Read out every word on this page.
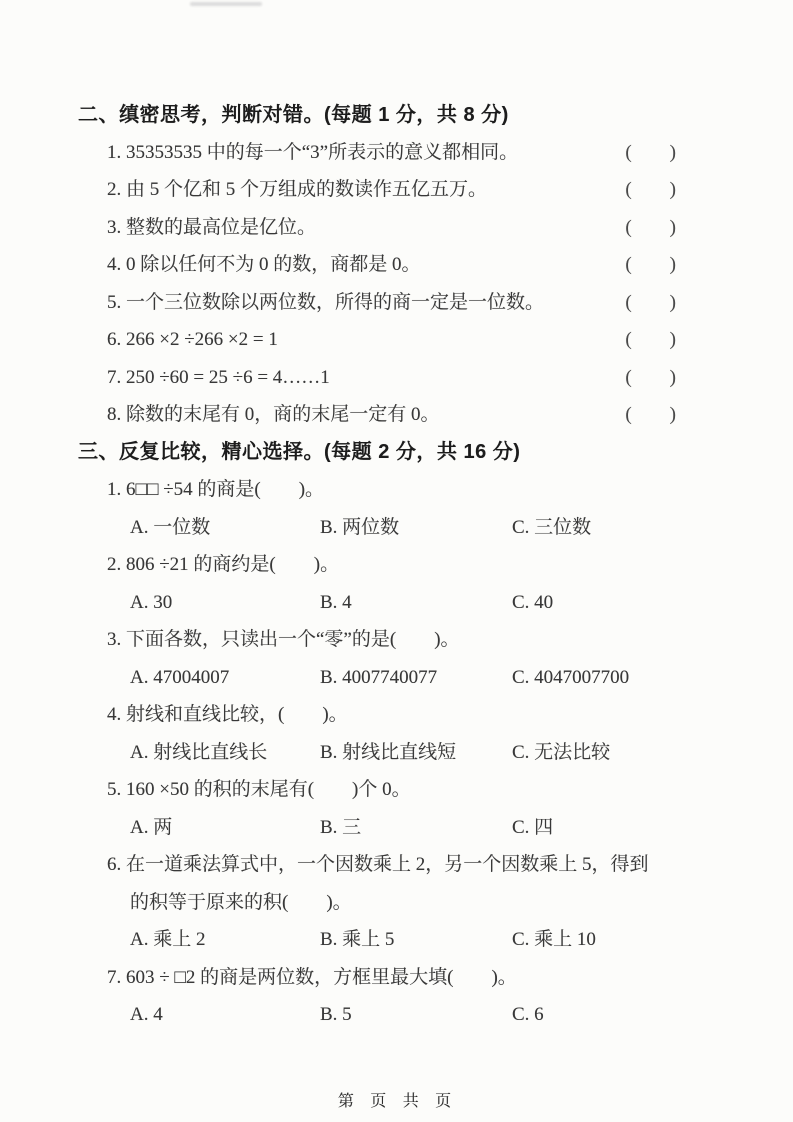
二、缜密思考，判断对错。(每题 1 分，共 8 分)
1. 35353535 中的每一个“3”所表示的意义都相同。	(　　)
2. 由 5 个亿和 5 个万组成的数读作五亿五万。	(　　)
3. 整数的最高位是亿位。	(　　)
4. 0 除以任何不为 0 的数，商都是 0。	(　　)
5. 一个三位数除以两位数，所得的商一定是一位数。	(　　)
6. 266 ×2 ÷266 ×2 = 1	(　　)
7. 250 ÷60 = 25 ÷6 = 4……1	(　　)
8. 除数的末尾有 0，商的末尾一定有 0。	(　　)
三、反复比较，精心选择。(每题 2 分，共 16 分)
1. 6□□ ÷54 的商是(　　)。
A. 一位数	B. 两位数	C. 三位数
2. 806 ÷21 的商约是(　　)。
A. 30	B. 4	C. 40
3. 下面各数，只读出一个“零”的是(　　)。
A. 47004007	B. 4007740077	C. 4047007700
4. 射线和直线比较，(　　)。
A. 射线比直线长	B. 射线比直线短	C. 无法比较
5. 160 ×50 的积的末尾有(　　)个 0。
A. 两	B. 三	C. 四
6. 在一道乘法算式中，一个因数乘上 2，另一个因数乘上 5，得到
的积等于原来的积(　　)。
A. 乘上 2	B. 乘上 5	C. 乘上 10
7. 603 ÷ □2 的商是两位数，方框里最大填(　　)。
A. 4	B. 5	C. 6
第 页 共 页
